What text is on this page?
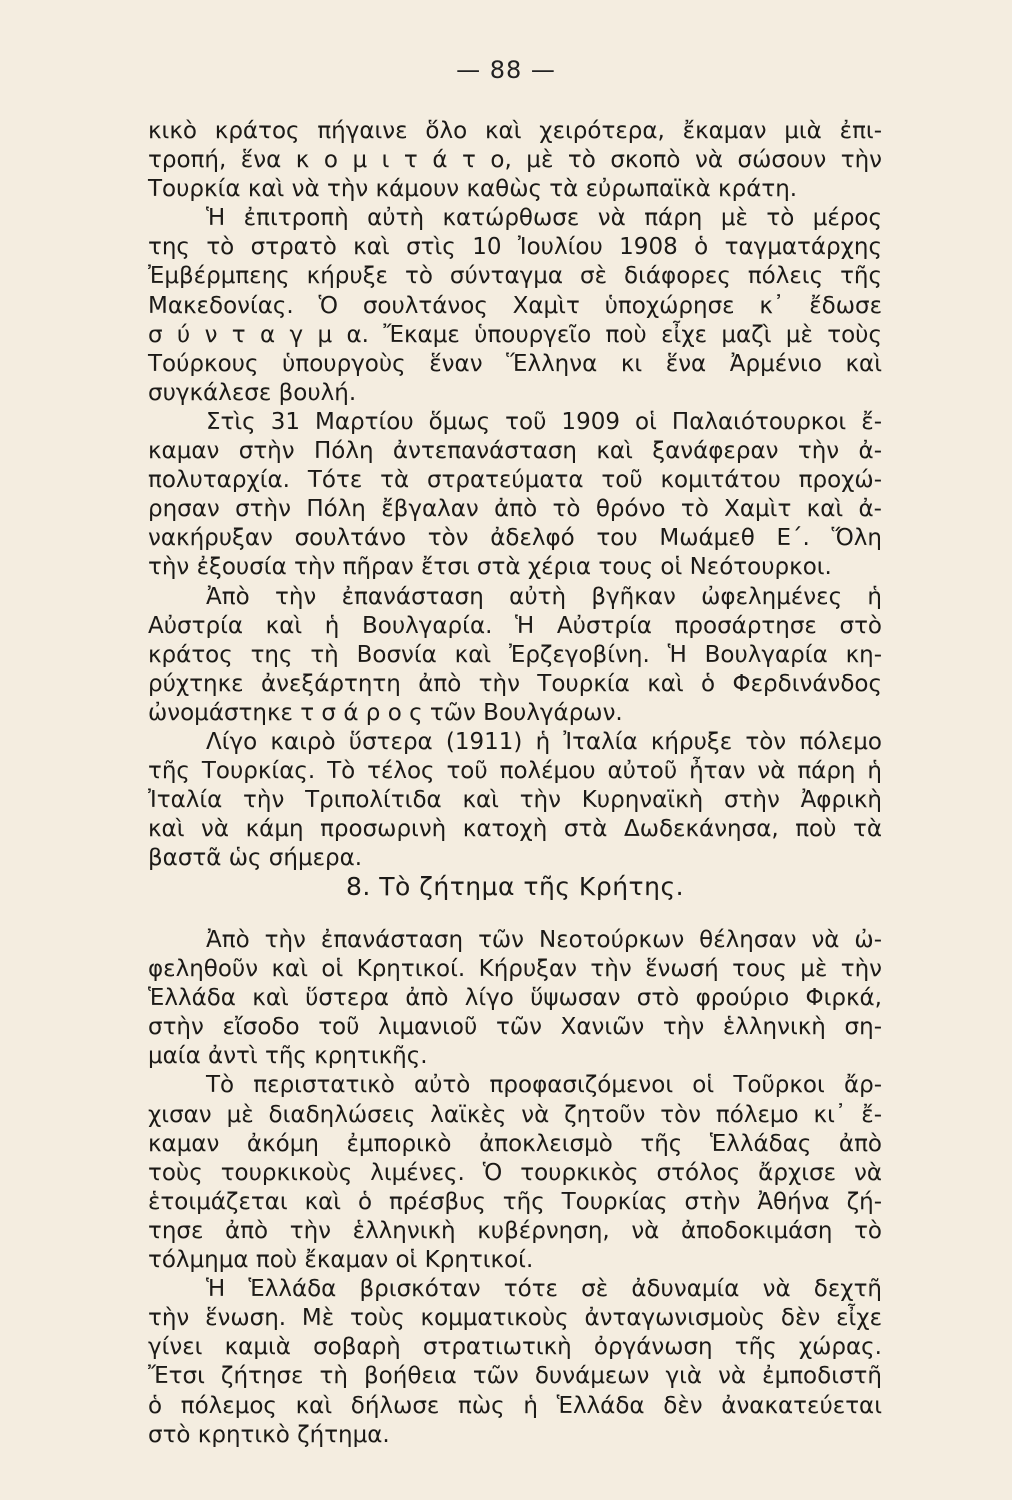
— 88 —

κικὸ κράτος πήγαινε ὅλο καὶ χειρότερα, ἔκαμαν μιὰ ἐπι-
τροπή, ἕνα κ ο μ ι τ ά τ ο, μὲ τὸ σκοπὸ νὰ σώσουν τὴν
Τουρκία καὶ νὰ τὴν κάμουν καθὼς τὰ εὐρωπαϊκὰ κράτη.

Ἡ ἐπιτροπὴ αὐτὴ κατώρθωσε νὰ πάρη μὲ τὸ μέρος
της τὸ στρατὸ καὶ στὶς 10 Ἰουλίου 1908 ὁ ταγματάρχης
Ἐμβέρμπεης κήρυξε τὸ σύνταγμα σὲ διάφορες πόλεις τῆς
Μακεδονίας. Ὁ σουλτάνος Χαμὶτ ὑποχώρησε κ᾽ ἔδωσε
σ ύ ν τ α γ μ α. Ἔκαμε ὑπουργεῖο ποὺ εἶχε μαζὶ μὲ τοὺς
Τούρκους ὑπουργοὺς ἕναν Ἕλληνα κι ἕνα Ἀρμένιο καὶ
συγκάλεσε βουλή.

Στὶς 31 Μαρτίου ὅμως τοῦ 1909 οἱ Παλαιότουρκοι ἔ-
καμαν στὴν Πόλη ἀντεπανάσταση καὶ ξανάφεραν τὴν ἀ-
πολυταρχία. Τότε τὰ στρατεύματα τοῦ κομιτάτου προχώ-
ρησαν στὴν Πόλη ἔβγαλαν ἀπὸ τὸ θρόνο τὸ Χαμὶτ καὶ ἀ-
νακήρυξαν σουλτάνο τὸν ἀδελφό του Μωάμεθ Ε΄. Ὅλη
τὴν ἐξουσία τὴν πῆραν ἔτσι στὰ χέρια τους οἱ Νεότουρκοι.

Ἀπὸ τὴν ἐπανάσταση αὐτὴ βγῆκαν ὠφελημένες ἡ
Αὐστρία καὶ ἡ Βουλγαρία. Ἡ Αὐστρία προσάρτησε στὸ
κράτος της τὴ Βοσνία καὶ Ἐρζεγοβίνη. Ἡ Βουλγαρία κη-
ρύχτηκε ἀνεξάρτητη ἀπὸ τὴν Τουρκία καὶ ὁ Φερδινάνδος
ὠνομάστηκε τ σ ά ρ ο ς τῶν Βουλγάρων.

Λίγο καιρὸ ὕστερα (1911) ἡ Ἰταλία κήρυξε τὸν πόλεμο
τῆς Τουρκίας. Τὸ τέλος τοῦ πολέμου αὐτοῦ ἦταν νὰ πάρη ἡ
Ἰταλία τὴν Τριπολίτιδα καὶ τὴν Κυρηναϊκὴ στὴν Ἀφρικὴ
καὶ νὰ κάμη προσωρινὴ κατοχὴ στὰ Δωδεκάνησα, ποὺ τὰ
βαστᾶ ὡς σήμερα.

8. Τὸ ζήτημα τῆς Κρήτης.

Ἀπὸ τὴν ἐπανάσταση τῶν Νεοτούρκων θέλησαν νὰ ὠ-
φεληθοῦν καὶ οἱ Κρητικοί. Κήρυξαν τὴν ἕνωσή τους μὲ τὴν
Ἑλλάδα καὶ ὕστερα ἀπὸ λίγο ὕψωσαν στὸ φρούριο Φιρκά,
στὴν εἴσοδο τοῦ λιμανιοῦ τῶν Χανιῶν τὴν ἑλληνικὴ ση-
μαία ἀντὶ τῆς κρητικῆς.

Τὸ περιστατικὸ αὐτὸ προφασιζόμενοι οἱ Τοῦρκοι ἄρ-
χισαν μὲ διαδηλώσεις λαϊκὲς νὰ ζητοῦν τὸν πόλεμο κι᾽ ἔ-
καμαν ἀκόμη ἐμπορικὸ ἀποκλεισμὸ τῆς Ἑλλάδας ἀπὸ
τοὺς τουρκικοὺς λιμένες. Ὁ τουρκικὸς στόλος ἄρχισε νὰ
ἑτοιμάζεται καὶ ὁ πρέσβυς τῆς Τουρκίας στὴν Ἀθήνα ζή-
τησε ἀπὸ τὴν ἑλληνικὴ κυβέρνηση, νὰ ἀποδοκιμάση τὸ
τόλμημα ποὺ ἔκαμαν οἱ Κρητικοί.

Ἡ Ἑλλάδα βρισκόταν τότε σὲ ἀδυναμία νὰ δεχτῆ
τὴν ἕνωση. Μὲ τοὺς κομματικοὺς ἀνταγωνισμοὺς δὲν εἶχε
γίνει καμιὰ σοβαρὴ στρατιωτικὴ ὀργάνωση τῆς χώρας.
Ἔτσι ζήτησε τὴ βοήθεια τῶν δυνάμεων γιὰ νὰ ἐμποδιστῆ
ὁ πόλεμος καὶ δήλωσε πὼς ἡ Ἑλλάδα δὲν ἀνακατεύεται
στὸ κρητικὸ ζήτημα.
